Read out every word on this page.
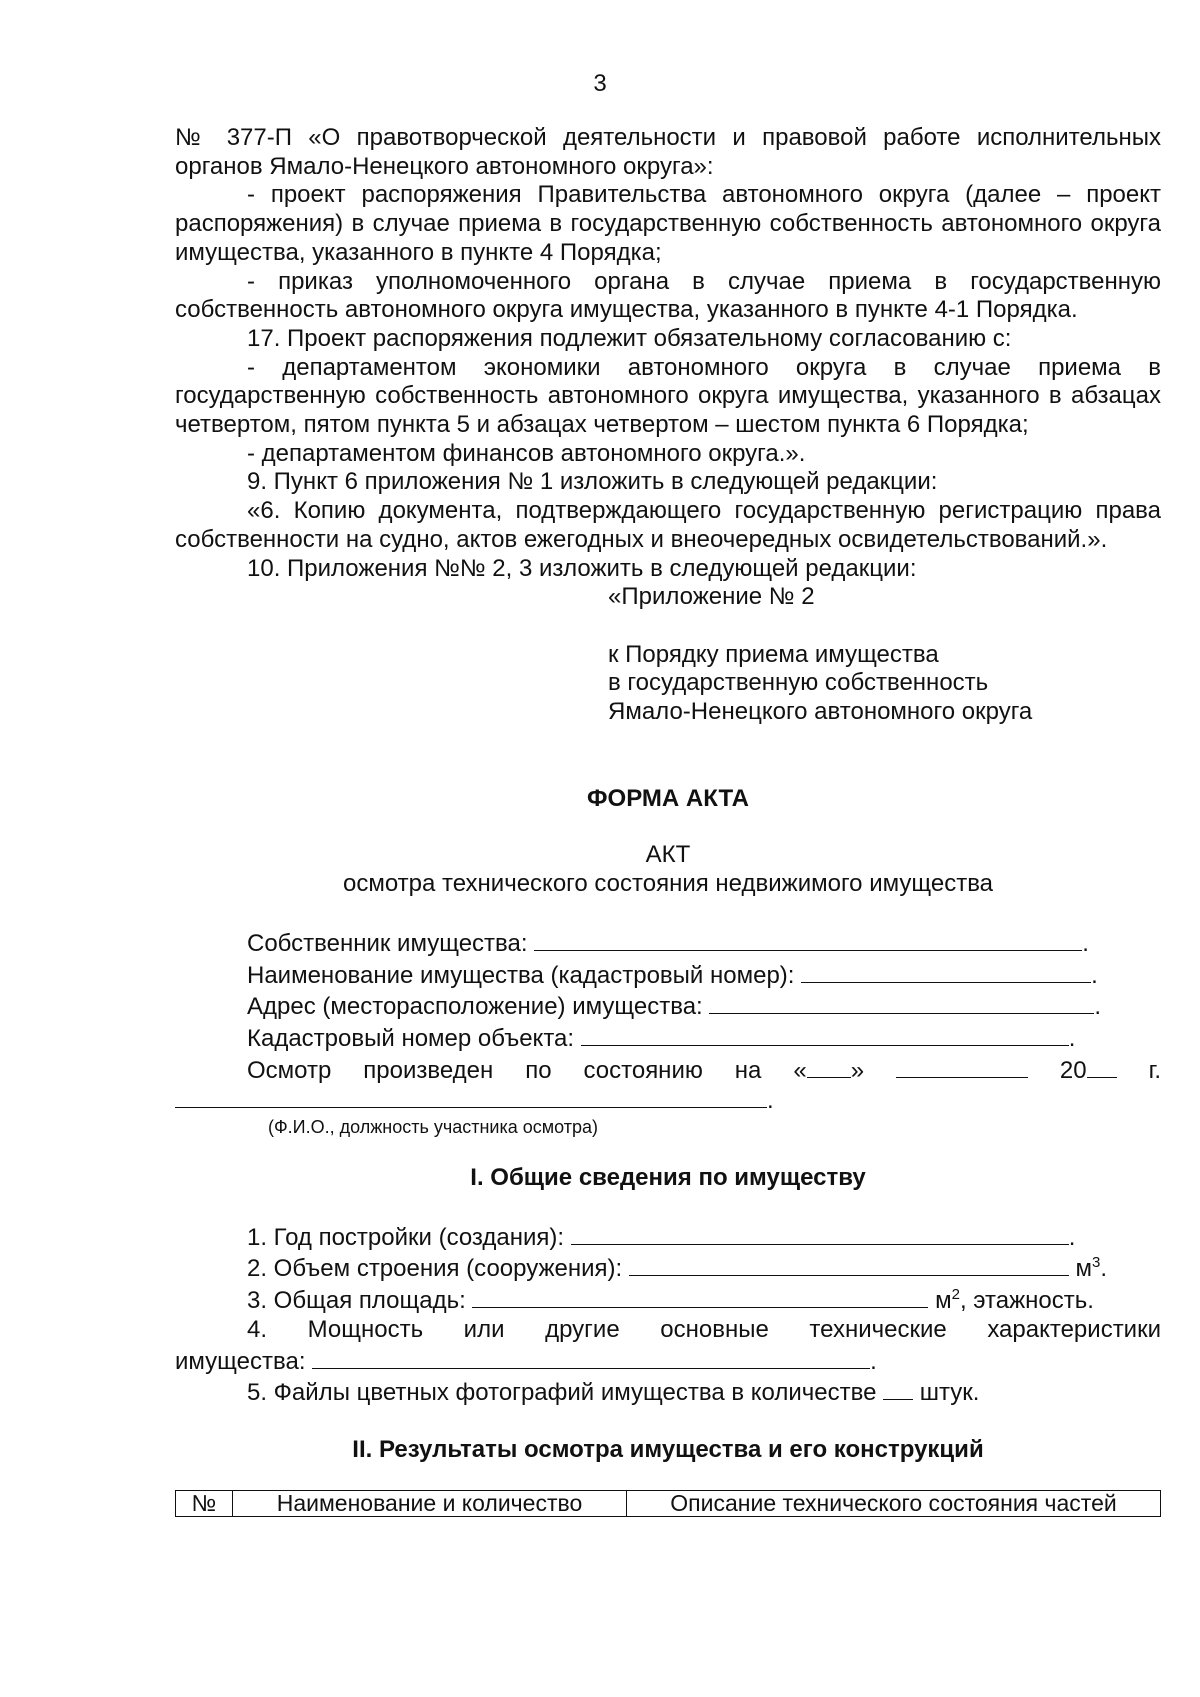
3

№ 377-П «О правотворческой деятельности и правовой работе исполнительных органов Ямало-Ненецкого автономного округа»:

- проект распоряжения Правительства автономного округа (далее – проект распоряжения) в случае приема в государственную собственность автономного округа имущества, указанного в пункте 4 Порядка;

- приказ уполномоченного органа в случае приема в государственную собственность автономного округа имущества, указанного в пункте 4-1 Порядка.

17. Проект распоряжения подлежит обязательному согласованию с:

- департаментом экономики автономного округа в случае приема в государственную собственность автономного округа имущества, указанного в абзацах четвертом, пятом пункта 5 и абзацах четвертом – шестом пункта 6 Порядка;

- департаментом финансов автономного округа.».

9. Пункт 6 приложения № 1 изложить в следующей редакции:

«6. Копию документа, подтверждающего государственную регистрацию права собственности на судно, актов ежегодных и внеочередных освидетельствований.».

10. Приложения №№ 2, 3 изложить в следующей редакции:

«Приложение № 2

к Порядку приема имущества

в государственную собственность

Ямало-Ненецкого автономного округа

ФОРМА АКТА

АКТ

осмотра технического состояния недвижимого имущества

Собственник имущества:	.

Наименование имущества (кадастровый номер):	.

Адрес (месторасположение) имущества:	.

Кадастровый номер объекта:	.

Осмотр произведен по состоянию на « »	20	г.

.

(Ф.И.О., должность участника осмотра)

I. Общие сведения по имуществу

1. Год постройки (создания):	.

2. Объем строения (сооружения):	$м^3$.

3. Общая площадь:	$м^2$, этажность.

4. Мощность или другие основные технические характеристики

имущества:	.

5. Файлы цветных фотографий имущества в количестве штук.

II. Результаты осмотра имущества и его конструкций

№	Наименование и количество	Описание технического состояния частей
